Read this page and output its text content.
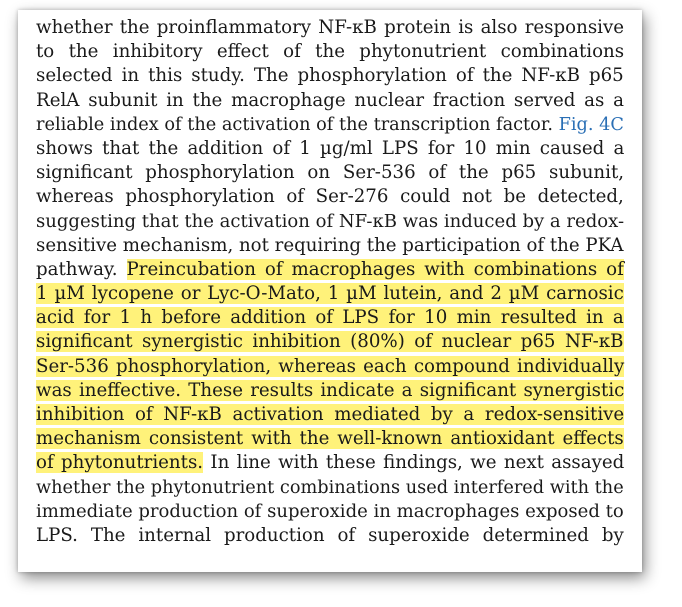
whether the proinflammatory NF-κB protein is also responsive
to the inhibitory effect of the phytonutrient combinations
selected in this study. The phosphorylation of the NF-κB p65
RelA subunit in the macrophage nuclear fraction served as a
reliable index of the activation of the transcription factor. Fig. 4C
shows that the addition of 1 µg/ml LPS for 10 min caused a
significant phosphorylation on Ser-536 of the p65 subunit,
whereas phosphorylation of Ser-276 could not be detected,
suggesting that the activation of NF-κB was induced by a redox-
sensitive mechanism, not requiring the participation of the PKA
pathway. Preincubation of macrophages with combinations of
1 µM lycopene or Lyc-O-Mato, 1 µM lutein, and 2 µM carnosic
acid for 1 h before addition of LPS for 10 min resulted in a
significant synergistic inhibition (80%) of nuclear p65 NF-κB
Ser-536 phosphorylation, whereas each compound individually
was ineffective. These results indicate a significant synergistic
inhibition of NF-κB activation mediated by a redox-sensitive
mechanism consistent with the well-known antioxidant effects
of phytonutrients. In line with these findings, we next assayed
whether the phytonutrient combinations used interfered with the
immediate production of superoxide in macrophages exposed to
LPS. The internal production of superoxide determined by
